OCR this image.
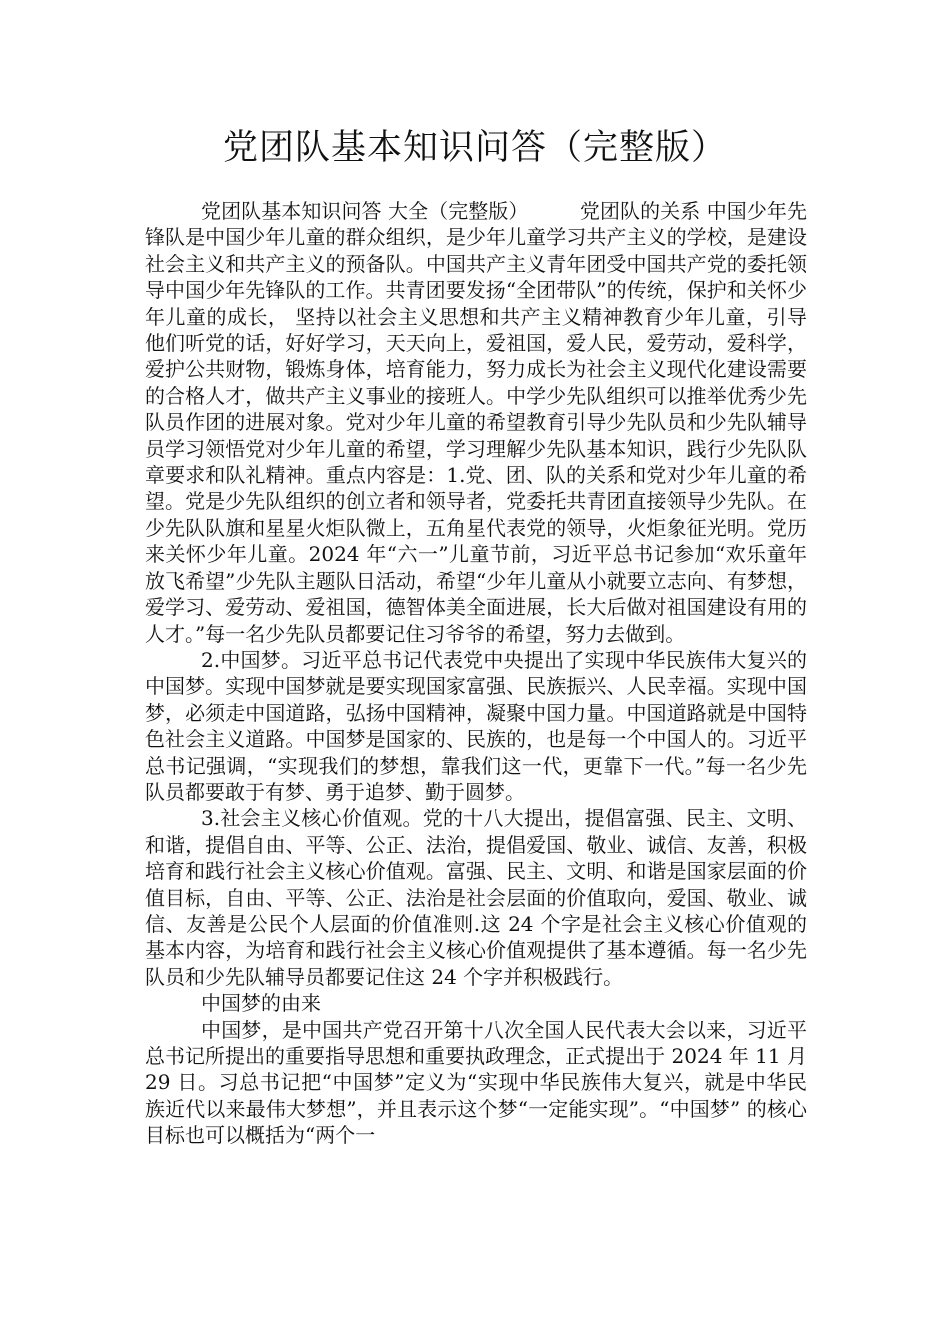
党团队基本知识问答（完整版）

党团队基本知识问答 大全（完整版）        党团队的关系 中国少年先锋队是中国少年儿童的群众组织，是少年儿童学习共产主义的学校，是建设社会主义和共产主义的预备队。中国共产主义青年团受中国共产党的委托领导中国少年先锋队的工作。共青团要发扬“全团带队”的传统，保护和关怀少年儿童的成长， 坚持以社会主义思想和共产主义精神教育少年儿童，引导他们听党的话，好好学习，天天向上，爱祖国，爱人民，爱劳动，爱科学，爱护公共财物，锻炼身体，培育能力，努力成长为社会主义现代化建设需要的合格人才，做共产主义事业的接班人。中学少先队组织可以推举优秀少先队员作团的进展对象。党对少年儿童的希望教育引导少先队员和少先队辅导员学习领悟党对少年儿童的希望，学习理解少先队基本知识，践行少先队队章要求和队礼精神。重点内容是：1.党、团、队的关系和党对少年儿童的希望。党是少先队组织的创立者和领导者，党委托共青团直接领导少先队。在少先队队旗和星星火炬队微上，五角星代表党的领导，火炬象征光明。党历来关怀少年儿童。2024 年“六一”儿童节前，习近平总书记参加“欢乐童年放飞希望”少先队主题队日活动，希望“少年儿童从小就要立志向、有梦想，爱学习、爱劳动、爱祖国，德智体美全面进展，长大后做对祖国建设有用的人才。”每一名少先队员都要记住习爷爷的希望，努力去做到。

2.中国梦。习近平总书记代表党中央提出了实现中华民族伟大复兴的中国梦。实现中国梦就是要实现国家富强、民族振兴、人民幸福。实现中国梦，必须走中国道路，弘扬中国精神，凝聚中国力量。中国道路就是中国特色社会主义道路。中国梦是国家的、民族的，也是每一个中国人的。习近平总书记强调，“实现我们的梦想，靠我们这一代，更靠下一代。”每一名少先队员都要敢于有梦、勇于追梦、勤于圆梦。

3.社会主义核心价值观。党的十八大提出，提倡富强、民主、文明、和谐，提倡自由、平等、公正、法治，提倡爱国、敬业、诚信、友善，积极培育和践行社会主义核心价值观。富强、民主、文明、和谐是国家层面的价值目标，自由、平等、公正、法治是社会层面的价值取向，爱国、敬业、诚信、友善是公民个人层面的价值准则.这 24 个字是社会主义核心价值观的基本内容，为培育和践行社会主义核心价值观提供了基本遵循。每一名少先队员和少先队辅导员都要记住这 24 个字并积极践行。

中国梦的由来

中国梦，是中国共产党召开第十八次全国人民代表大会以来，习近平总书记所提出的重要指导思想和重要执政理念，正式提出于 2024 年 11 月 29 日。习总书记把“中国梦”定义为“实现中华民族伟大复兴，就是中华民族近代以来最伟大梦想”，并且表示这个梦“一定能实现”。“中国梦” 的核心目标也可以概括为“两个一
